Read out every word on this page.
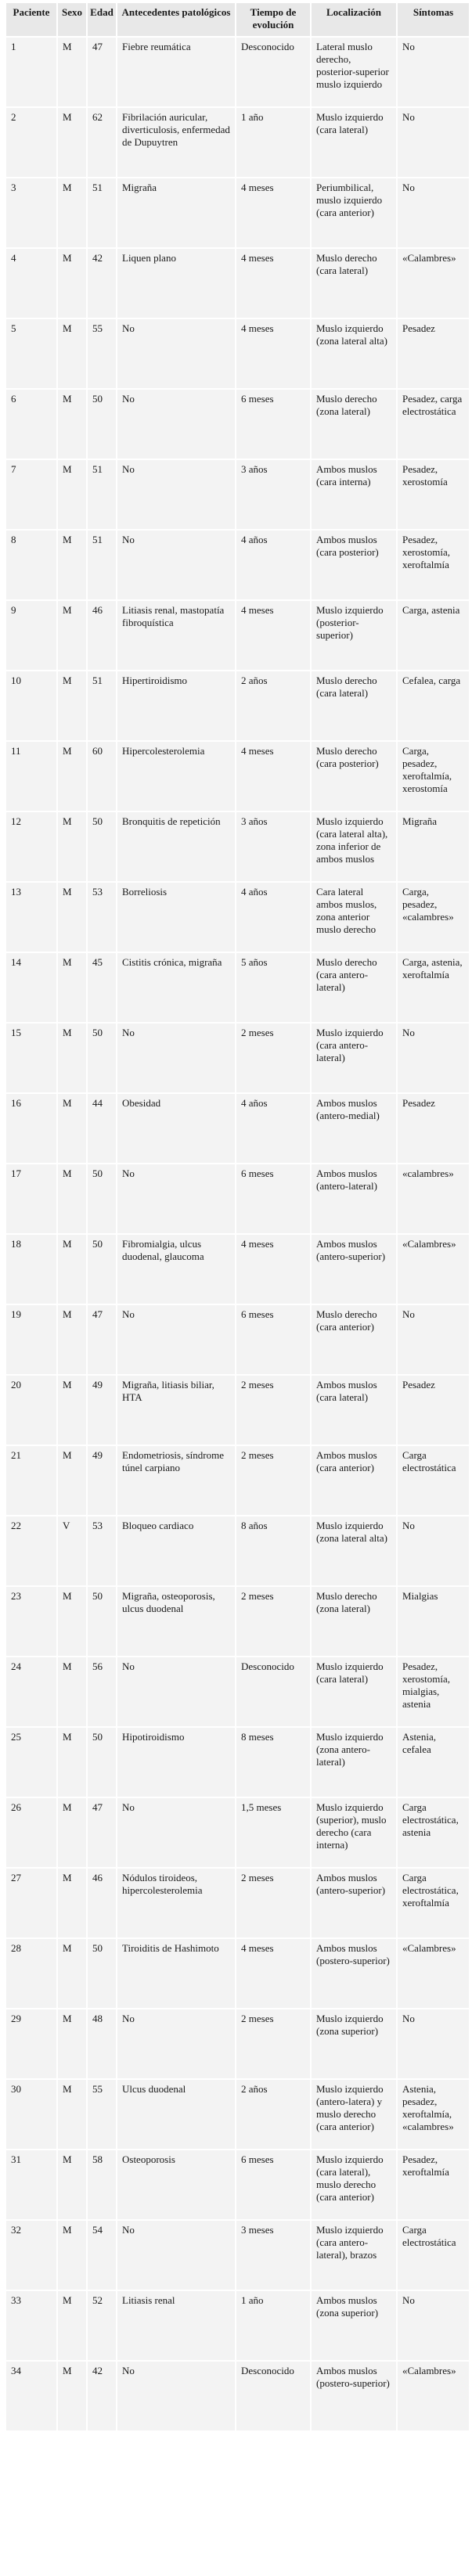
Paciente	Sexo	Edad	Antecedentes patológicos	Tiempo de evolución	Localización	Síntomas
1	M	47	Fiebre reumática	Desconocido	Lateral muslo derecho, posterior-superior muslo izquierdo	No
2	M	62	Fibrilación auricular, diverticulosis, enfermedad de Dupuytren	1 año	Muslo izquierdo (cara lateral)	No
3	M	51	Migraña	4 meses	Periumbilical, muslo izquierdo (cara anterior)	No
4	M	42	Liquen plano	4 meses	Muslo derecho (cara lateral)	«Calambres»
5	M	55	No	4 meses	Muslo izquierdo (zona lateral alta)	Pesadez
6	M	50	No	6 meses	Muslo derecho (zona lateral)	Pesadez, carga electrostática
7	M	51	No	3 años	Ambos muslos (cara interna)	Pesadez, xerostomía
8	M	51	No	4 años	Ambos muslos (cara posterior)	Pesadez, xerostomía, xeroftalmía
9	M	46	Litiasis renal, mastopatía fibroquística	4 meses	Muslo izquierdo (posterior-superior)	Carga, astenia
10	M	51	Hipertiroidismo	2 años	Muslo derecho (cara lateral)	Cefalea, carga
11	M	60	Hipercolesterolemia	4 meses	Muslo derecho (cara posterior)	Carga, pesadez, xeroftalmía, xerostomía
12	M	50	Bronquitis de repetición	3 años	Muslo izquierdo (cara lateral alta), zona inferior de ambos muslos	Migraña
13	M	53	Borreliosis	4 años	Cara lateral ambos muslos, zona anterior muslo derecho	Carga, pesadez, «calambres»
14	M	45	Cistitis crónica, migraña	5 años	Muslo derecho (cara antero-lateral)	Carga, astenia, xeroftalmía
15	M	50	No	2 meses	Muslo izquierdo (cara antero-lateral)	No
16	M	44	Obesidad	4 años	Ambos muslos (antero-medial)	Pesadez
17	M	50	No	6 meses	Ambos muslos (antero-lateral)	«calambres»
18	M	50	Fibromialgia, ulcus duodenal, glaucoma	4 meses	Ambos muslos (antero-superior)	«Calambres»
19	M	47	No	6 meses	Muslo derecho (cara anterior)	No
20	M	49	Migraña, litiasis biliar, HTA	2 meses	Ambos muslos (cara lateral)	Pesadez
21	M	49	Endometriosis, síndrome túnel carpiano	2 meses	Ambos muslos (cara anterior)	Carga electrostática
22	V	53	Bloqueo cardiaco	8 años	Muslo izquierdo (zona lateral alta)	No
23	M	50	Migraña, osteoporosis, ulcus duodenal	2 meses	Muslo derecho (zona lateral)	Mialgias
24	M	56	No	Desconocido	Muslo izquierdo (cara lateral)	Pesadez, xerostomía, mialgias, astenia
25	M	50	Hipotiroidismo	8 meses	Muslo izquierdo (zona antero-lateral)	Astenia, cefalea
26	M	47	No	1,5 meses	Muslo izquierdo (superior), muslo derecho (cara interna)	Carga electrostática, astenia
27	M	46	Nódulos tiroideos, hipercolesterolemia	2 meses	Ambos muslos (antero-superior)	Carga electrostática, xeroftalmía
28	M	50	Tiroiditis de Hashimoto	4 meses	Ambos muslos (postero-superior)	«Calambres»
29	M	48	No	2 meses	Muslo izquierdo (zona superior)	No
30	M	55	Ulcus duodenal	2 años	Muslo izquierdo (antero-latera) y muslo derecho (cara anterior)	Astenia, pesadez, xeroftalmía, «calambres»
31	M	58	Osteoporosis	6 meses	Muslo izquierdo (cara lateral), muslo derecho (cara anterior)	Pesadez, xeroftalmía
32	M	54	No	3 meses	Muslo izquierdo (cara antero-lateral), brazos	Carga electrostática
33	M	52	Litiasis renal	1 año	Ambos muslos (zona superior)	No
34	M	42	No	Desconocido	Ambos muslos (postero-superior)	«Calambres»
